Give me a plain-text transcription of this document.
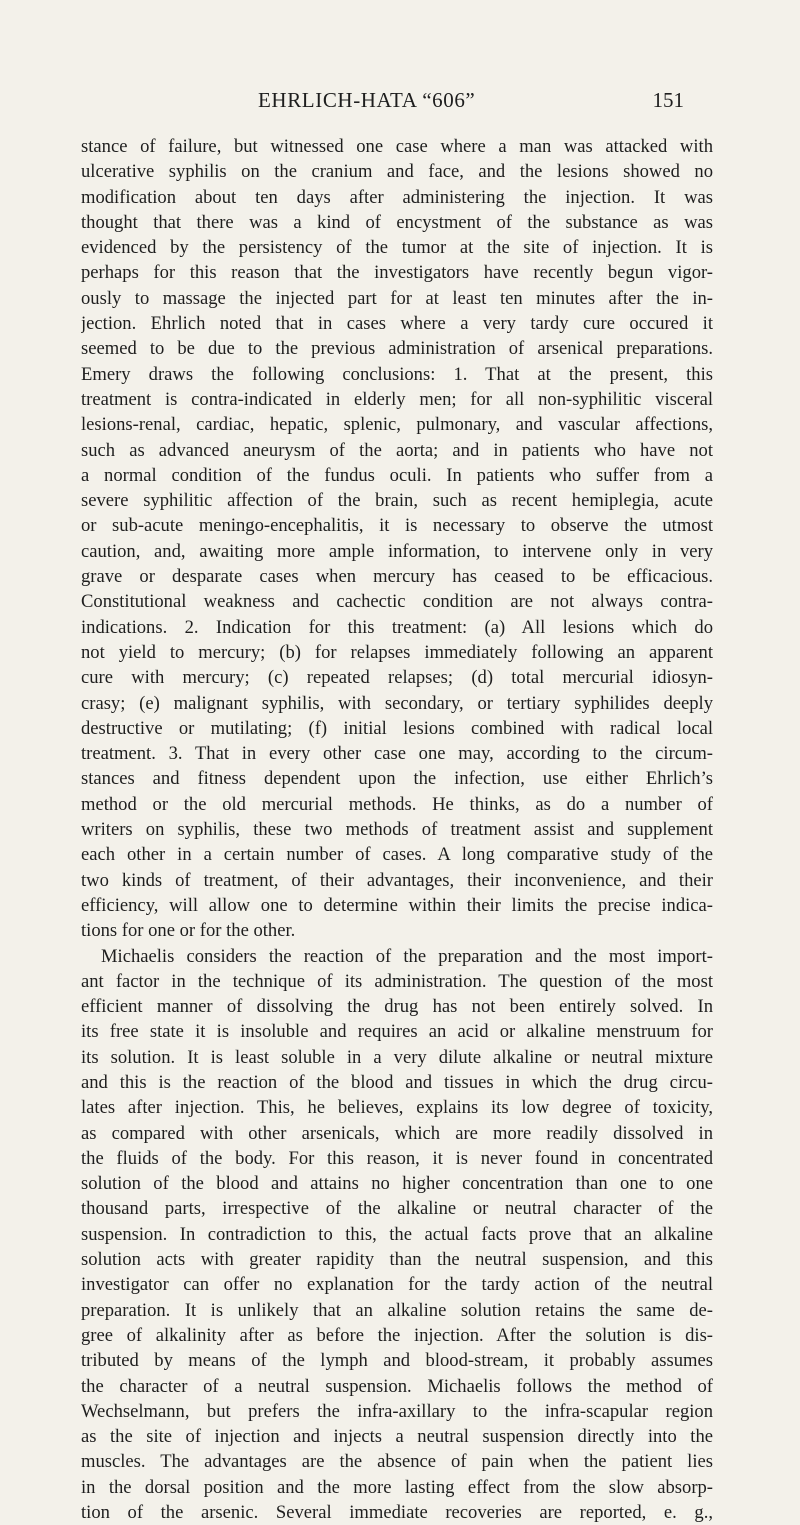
EHRLICH-HATA “606”	151
stance of failure, but witnessed one case where a man was attacked with
ulcerative syphilis on the cranium and face, and the lesions showed no
modification about ten days after administering the injection. It was
thought that there was a kind of encystment of the substance as was
evidenced by the persistency of the tumor at the site of injection. It is
perhaps for this reason that the investigators have recently begun vigor-
ously to massage the injected part for at least ten minutes after the in-
jection. Ehrlich noted that in cases where a very tardy cure occured it
seemed to be due to the previous administration of arsenical preparations.
Emery draws the following conclusions: 1. That at the present, this
treatment is contra-indicated in elderly men; for all non-syphilitic visceral
lesions-renal, cardiac, hepatic, splenic, pulmonary, and vascular affections,
such as advanced aneurysm of the aorta; and in patients who have not
a normal condition of the fundus oculi. In patients who suffer from a
severe syphilitic affection of the brain, such as recent hemiplegia, acute
or sub-acute meningo-encephalitis, it is necessary to observe the utmost
caution, and, awaiting more ample information, to intervene only in very
grave or desparate cases when mercury has ceased to be efficacious.
Constitutional weakness and cachectic condition are not always contra-
indications. 2. Indication for this treatment: (a) All lesions which do
not yield to mercury; (b) for relapses immediately following an apparent
cure with mercury; (c) repeated relapses; (d) total mercurial idiosyn-
crasy; (e) malignant syphilis, with secondary, or tertiary syphilides deeply
destructive or mutilating; (f) initial lesions combined with radical local
treatment. 3. That in every other case one may, according to the circum-
stances and fitness dependent upon the infection, use either Ehrlich’s
method or the old mercurial methods. He thinks, as do a number of
writers on syphilis, these two methods of treatment assist and supplement
each other in a certain number of cases. A long comparative study of the
two kinds of treatment, of their advantages, their inconvenience, and their
efficiency, will allow one to determine within their limits the precise indica-
tions for one or for the other.
Michaelis considers the reaction of the preparation and the most import-
ant factor in the technique of its administration. The question of the most
efficient manner of dissolving the drug has not been entirely solved. In
its free state it is insoluble and requires an acid or alkaline menstruum for
its solution. It is least soluble in a very dilute alkaline or neutral mixture
and this is the reaction of the blood and tissues in which the drug circu-
lates after injection. This, he believes, explains its low degree of toxicity,
as compared with other arsenicals, which are more readily dissolved in
the fluids of the body. For this reason, it is never found in concentrated
solution of the blood and attains no higher concentration than one to one
thousand parts, irrespective of the alkaline or neutral character of the
suspension. In contradiction to this, the actual facts prove that an alkaline
solution acts with greater rapidity than the neutral suspension, and this
investigator can offer no explanation for the tardy action of the neutral
preparation. It is unlikely that an alkaline solution retains the same de-
gree of alkalinity after as before the injection. After the solution is dis-
tributed by means of the lymph and blood-stream, it probably assumes
the character of a neutral suspension. Michaelis follows the method of
Wechselmann, but prefers the infra-axillary to the infra-scapular region
as the site of injection and injects a neutral suspension directly into the
muscles. The advantages are the absence of pain when the patient lies
in the dorsal position and the more lasting effect from the slow absorp-
tion of the arsenic. Several immediate recoveries are reported, e. g.,
